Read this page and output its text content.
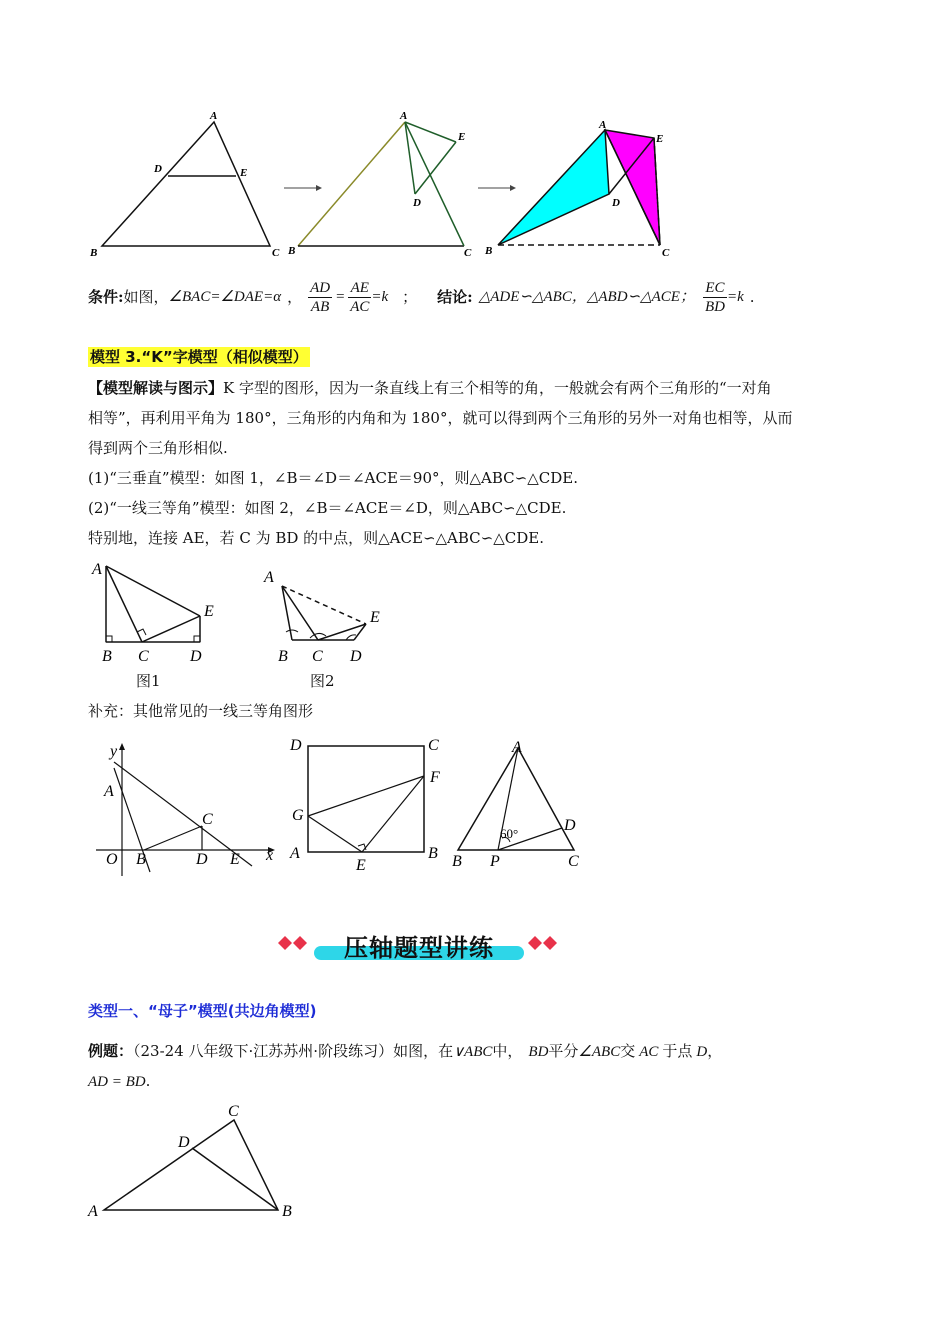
A
D	E
B	C
A
E
D
B	C
A
E
D
B	C
条件: 如图， ∠BAC=∠DAE=α ， $\frac{AD}{AB} = \frac{AE}{AC} =k$ ； 结论: △ADE∽△ABC，△ABD∽△ACE； $\frac{EC}{BD} =k$ .
模型 3.“K”字模型（相似模型）
【模型解读与图示】K 字型的图形，因为一条直线上有三个相等的角，一般就会有两个三角形的“一对角
相等”，再利用平角为 180°，三角形的内角和为 180°，就可以得到两个三角形的另外一对角也相等，从而
得到两个三角形相似.
(1)“三垂直”模型：如图 1，∠B＝∠D＝∠ACE＝90°，则△ABC∽△CDE.
(2)“一线三等角”模型：如图 2，∠B＝∠ACE＝∠D，则△ABC∽△CDE.
特别地，连接 AE，若 C 为 BD 的中点，则△ACE∽△ABC∽△CDE.
A
E
B C	D
图1
A
E
B C D
图2
补充：其他常见的一线三等角图形
y
A
C
O B	D E x
D	C
F
G
A	B
E
A
60°	D
B P	C
压轴题型讲练
类型一、“母子”模型(共边角模型)
例题：（23-24 八年级下·江苏苏州·阶段练习）如图，在∨ABC中， BD平分∠ABC交 AC 于点 D，
AD = BD.
C
D
A	B
